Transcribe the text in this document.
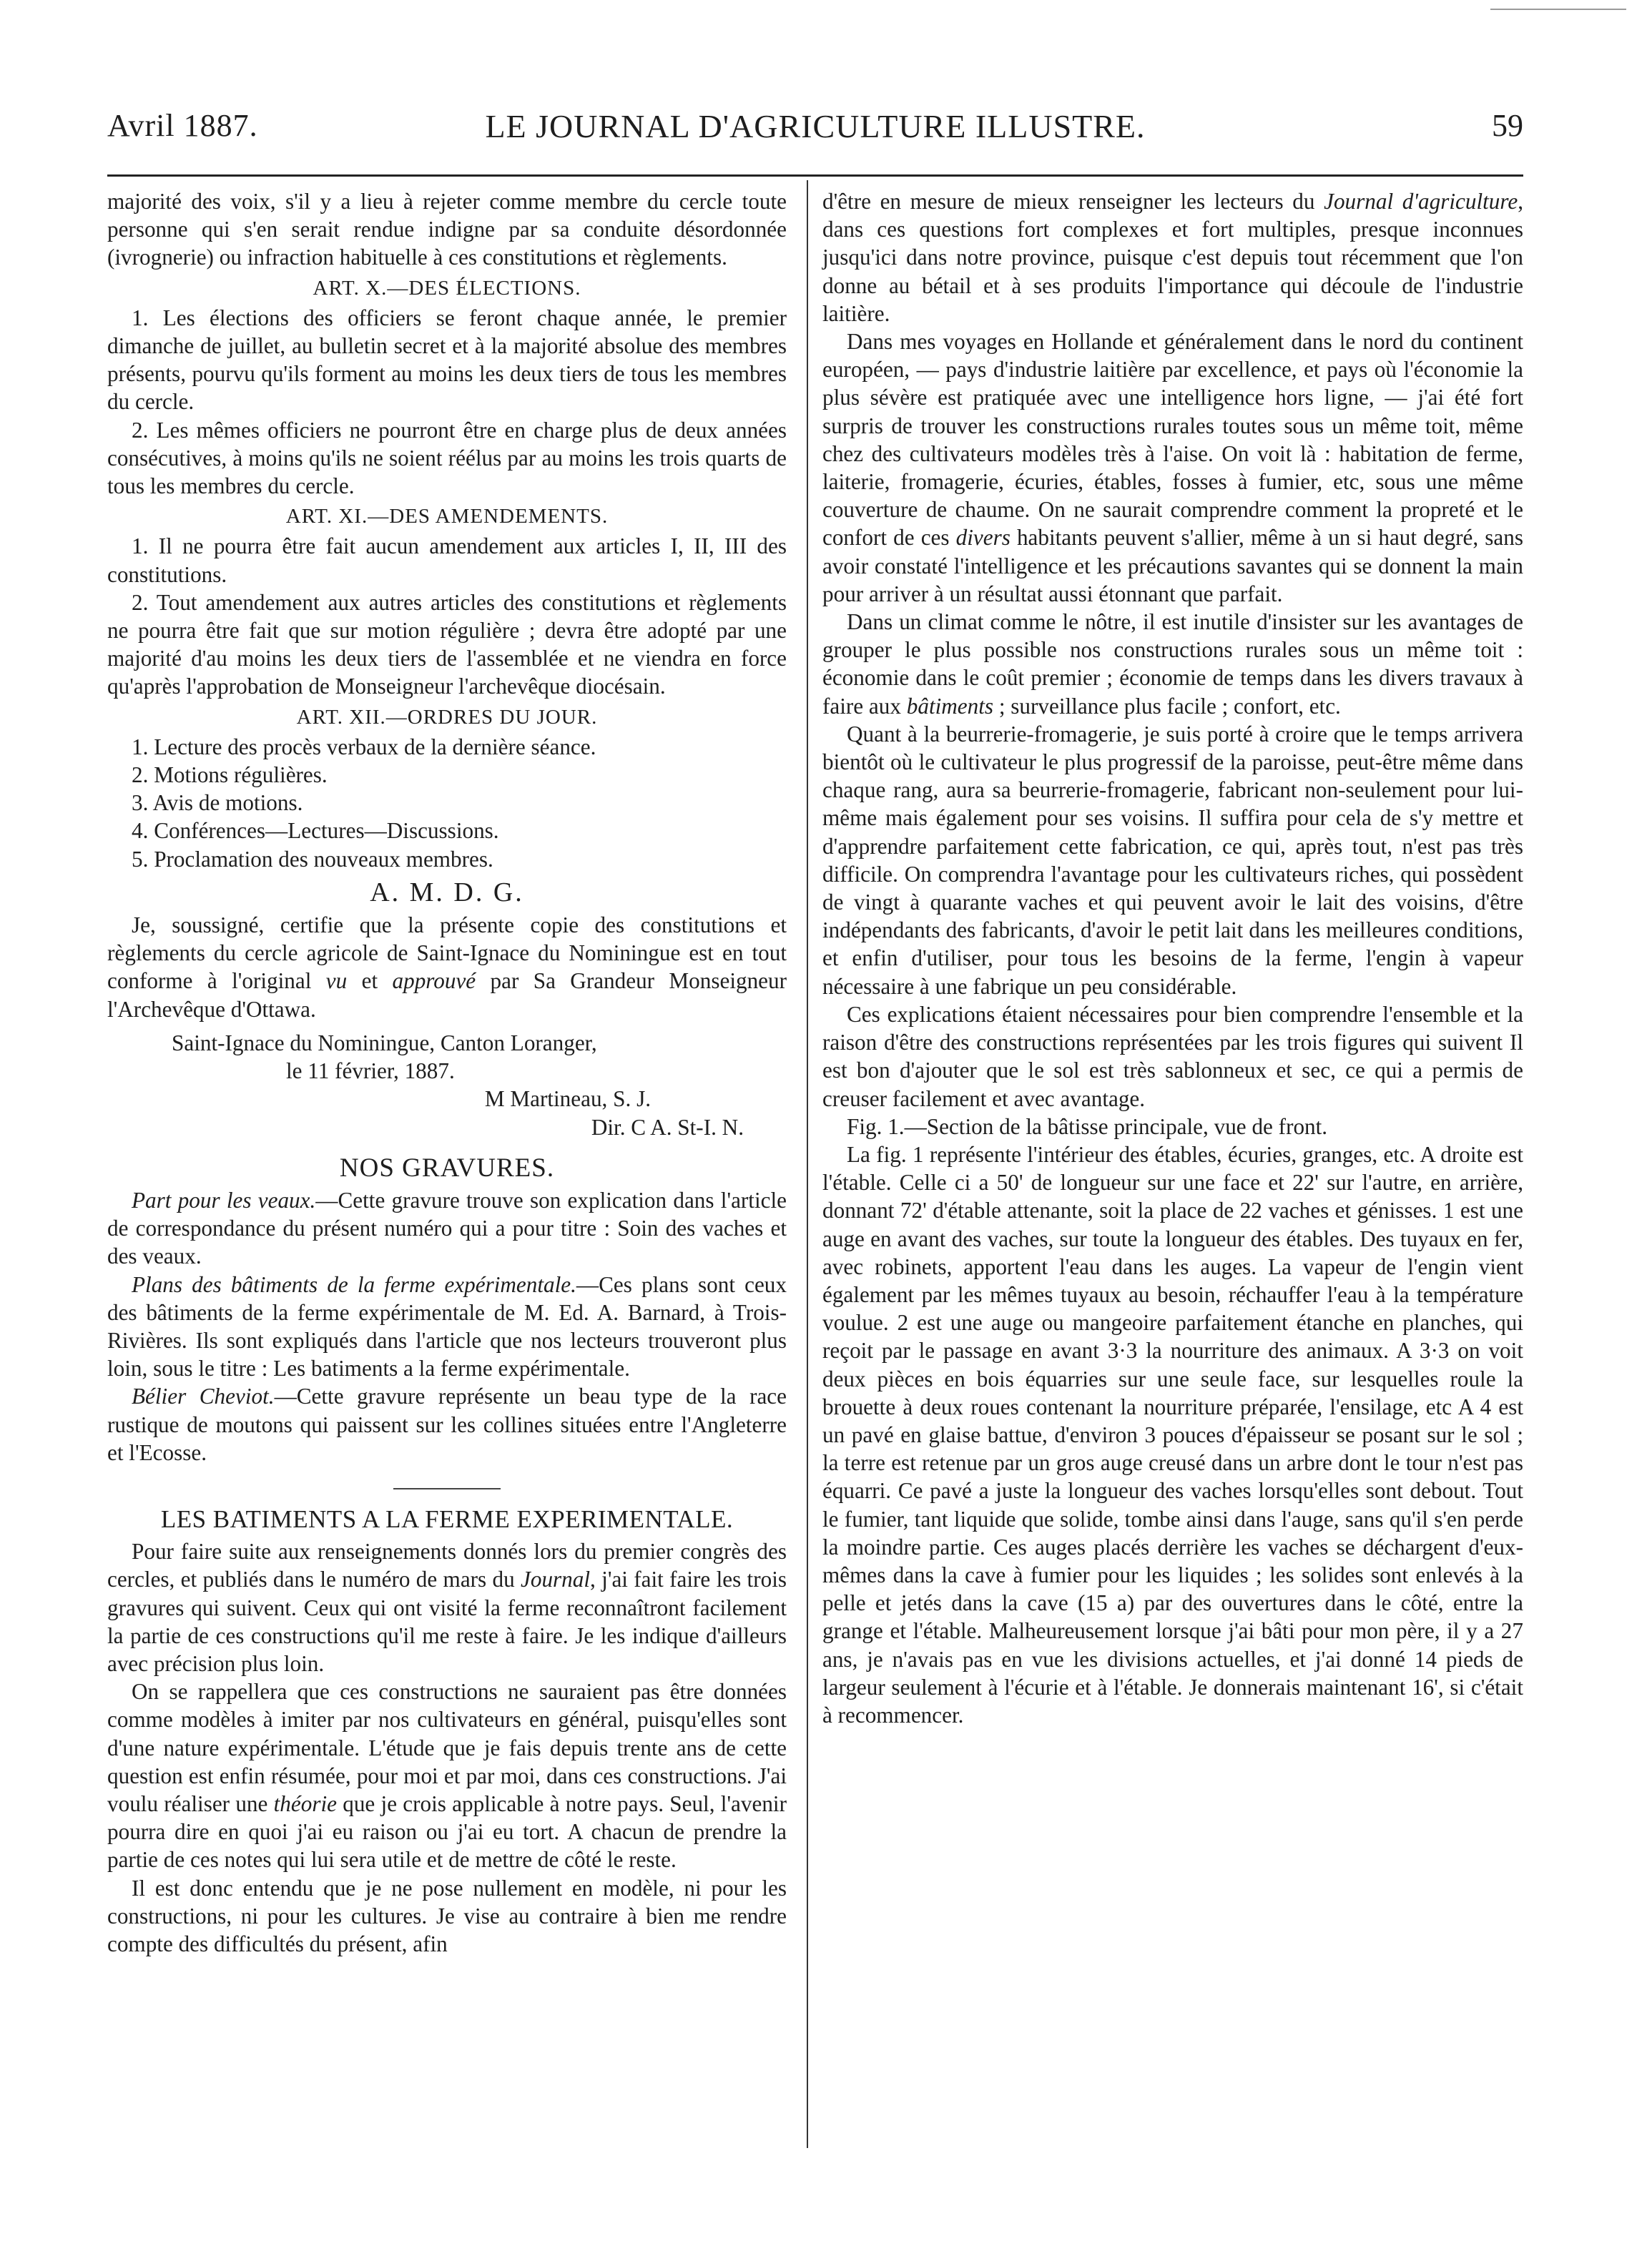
Avril 1887.	LE JOURNAL D'AGRICULTURE ILLUSTRE.	59

majorité des voix, s'il y a lieu à rejeter comme membre du cercle toute personne qui s'en serait rendue indigne par sa conduite désordonnée (ivrognerie) ou infraction habituelle à ces constitutions et règlements.

ART. X.—DES ÉLECTIONS.

1. Les élections des officiers se feront chaque année, le premier dimanche de juillet, au bulletin secret et à la majorité absolue des membres présents, pourvu qu'ils forment au moins les deux tiers de tous les membres du cercle.

2. Les mêmes officiers ne pourront être en charge plus de deux années consécutives, à moins qu'ils ne soient réélus par au moins les trois quarts de tous les membres du cercle.

ART. XI.—DES AMENDEMENTS.

1. Il ne pourra être fait aucun amendement aux articles I, II, III des constitutions.

2. Tout amendement aux autres articles des constitutions et règlements ne pourra être fait que sur motion régulière ; devra être adopté par une majorité d'au moins les deux tiers de l'assemblée et ne viendra en force qu'après l'approbation de Monseigneur l'archevêque diocésain.

ART. XII.—ORDRES DU JOUR.

1. Lecture des procès verbaux de la dernière séance.

2. Motions régulières.

3. Avis de motions.

4. Conférences—Lectures—Discussions.

5. Proclamation des nouveaux membres.

A. M. D. G.

Je, soussigné, certifie que la présente copie des constitutions et règlements du cercle agricole de Saint-Ignace du Nominingue est en tout conforme à l'original vu et approuvé par Sa Grandeur Monseigneur l'Archevêque d'Ottawa.

Saint-Ignace du Nominingue, Canton Loranger,

le 11 février, 1887.

M Martineau, S. J.

Dir. C A. St-I. N.

NOS GRAVURES.

Part pour les veaux.—Cette gravure trouve son explication dans l'article de correspondance du présent numéro qui a pour titre : Soin des vaches et des veaux.

Plans des bâtiments de la ferme expérimentale.—Ces plans sont ceux des bâtiments de la ferme expérimentale de M. Ed. A. Barnard, à Trois-Rivières. Ils sont expliqués dans l'article que nos lecteurs trouveront plus loin, sous le titre : Les batiments a la ferme expérimentale.

Bélier Cheviot.—Cette gravure représente un beau type de la race rustique de moutons qui paissent sur les collines situées entre l'Angleterre et l'Ecosse.

LES BATIMENTS A LA FERME EXPERIMENTALE.

Pour faire suite aux renseignements donnés lors du premier congrès des cercles, et publiés dans le numéro de mars du Journal, j'ai fait faire les trois gravures qui suivent. Ceux qui ont visité la ferme reconnaîtront facilement la partie de ces constructions qu'il me reste à faire. Je les indique d'ailleurs avec précision plus loin.

On se rappellera que ces constructions ne sauraient pas être données comme modèles à imiter par nos cultivateurs en général, puisqu'elles sont d'une nature expérimentale. L'étude que je fais depuis trente ans de cette question est enfin résumée, pour moi et par moi, dans ces constructions. J'ai voulu réaliser une théorie que je crois applicable à notre pays. Seul, l'avenir pourra dire en quoi j'ai eu raison ou j'ai eu tort. A chacun de prendre la partie de ces notes qui lui sera utile et de mettre de côté le reste.

Il est donc entendu que je ne pose nullement en modèle, ni pour les constructions, ni pour les cultures. Je vise au contraire à bien me rendre compte des difficultés du présent, afin

d'être en mesure de mieux renseigner les lecteurs du Journal d'agriculture, dans ces questions fort complexes et fort multiples, presque inconnues jusqu'ici dans notre province, puisque c'est depuis tout récemment que l'on donne au bétail et à ses produits l'importance qui découle de l'industrie laitière.

Dans mes voyages en Hollande et généralement dans le nord du continent européen, — pays d'industrie laitière par excellence, et pays où l'économie la plus sévère est pratiquée avec une intelligence hors ligne, — j'ai été fort surpris de trouver les constructions rurales toutes sous un même toit, même chez des cultivateurs modèles très à l'aise. On voit là : habitation de ferme, laiterie, fromagerie, écuries, étables, fosses à fumier, etc, sous une même couverture de chaume. On ne saurait comprendre comment la propreté et le confort de ces divers habitants peuvent s'allier, même à un si haut degré, sans avoir constaté l'intelligence et les précautions savantes qui se donnent la main pour arriver à un résultat aussi étonnant que parfait.

Dans un climat comme le nôtre, il est inutile d'insister sur les avantages de grouper le plus possible nos constructions rurales sous un même toit : économie dans le coût premier ; économie de temps dans les divers travaux à faire aux bâtiments ; surveillance plus facile ; confort, etc.

Quant à la beurrerie-fromagerie, je suis porté à croire que le temps arrivera bientôt où le cultivateur le plus progressif de la paroisse, peut-être même dans chaque rang, aura sa beurrerie-fromagerie, fabricant non-seulement pour lui-même mais également pour ses voisins. Il suffira pour cela de s'y mettre et d'apprendre parfaitement cette fabrication, ce qui, après tout, n'est pas très difficile. On comprendra l'avantage pour les cultivateurs riches, qui possèdent de vingt à quarante vaches et qui peuvent avoir le lait des voisins, d'être indépendants des fabricants, d'avoir le petit lait dans les meilleures conditions, et enfin d'utiliser, pour tous les besoins de la ferme, l'engin à vapeur nécessaire à une fabrique un peu considérable.

Ces explications étaient nécessaires pour bien comprendre l'ensemble et la raison d'être des constructions représentées par les trois figures qui suivent Il est bon d'ajouter que le sol est très sablonneux et sec, ce qui a permis de creuser facilement et avec avantage.

Fig. 1.—Section de la bâtisse principale, vue de front.

La fig. 1 représente l'intérieur des étables, écuries, granges, etc. A droite est l'étable. Celle ci a 50' de longueur sur une face et 22' sur l'autre, en arrière, donnant 72' d'étable attenante, soit la place de 22 vaches et génisses. 1 est une auge en avant des vaches, sur toute la longueur des étables. Des tuyaux en fer, avec robinets, apportent l'eau dans les auges. La vapeur de l'engin vient également par les mêmes tuyaux au besoin, réchauffer l'eau à la température voulue. 2 est une auge ou mangeoire parfaitement étanche en planches, qui reçoit par le passage en avant 3·3 la nourriture des animaux. A 3·3 on voit deux pièces en bois équarries sur une seule face, sur lesquelles roule la brouette à deux roues contenant la nourriture préparée, l'ensilage, etc A 4 est un pavé en glaise battue, d'environ 3 pouces d'épaisseur se posant sur le sol ; la terre est retenue par un gros auge creusé dans un arbre dont le tour n'est pas équarri. Ce pavé a juste la longueur des vaches lorsqu'elles sont debout. Tout le fumier, tant liquide que solide, tombe ainsi dans l'auge, sans qu'il s'en perde la moindre partie. Ces auges placés derrière les vaches se déchargent d'eux-mêmes dans la cave à fumier pour les liquides ; les solides sont enlevés à la pelle et jetés dans la cave (15 a) par des ouvertures dans le côté, entre la grange et l'étable. Malheureusement lorsque j'ai bâti pour mon père, il y a 27 ans, je n'avais pas en vue les divisions actuelles, et j'ai donné 14 pieds de largeur seulement à l'écurie et à l'étable. Je donnerais maintenant 16', si c'était à recommencer.
